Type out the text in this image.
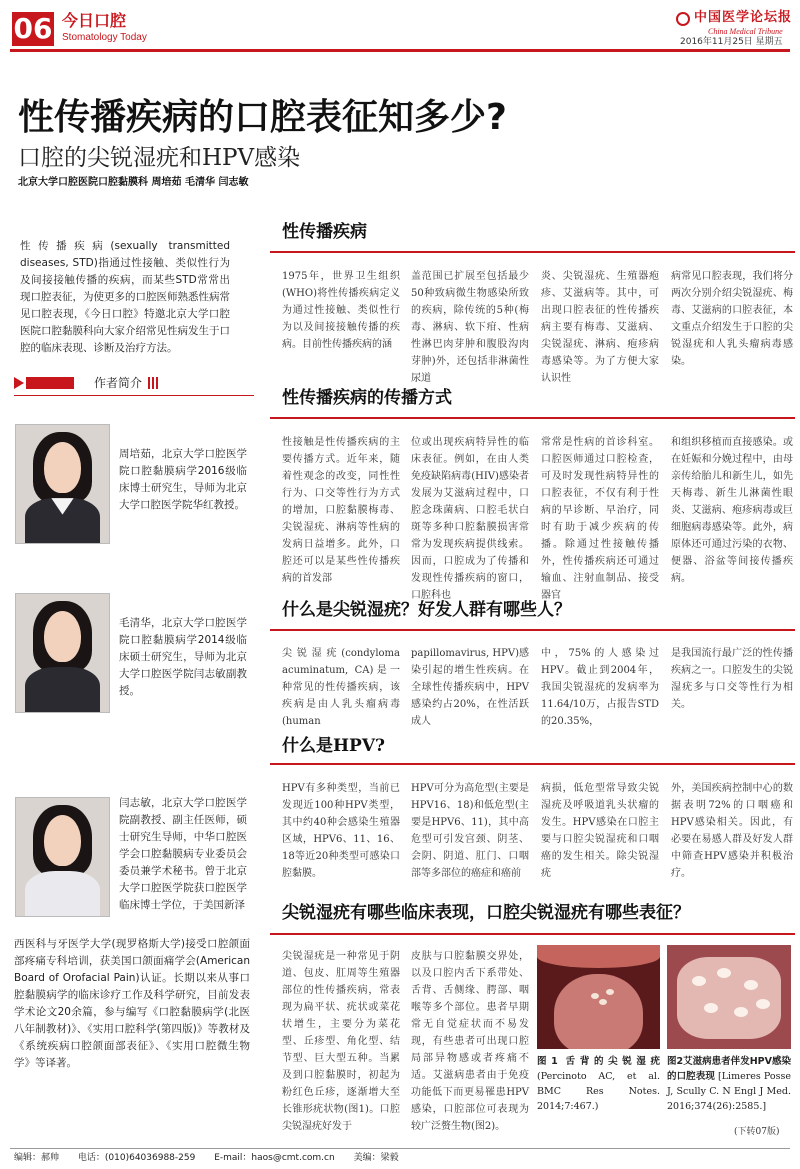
06 今日口腔
Stomatology Today
中国医学论坛报
China Medical Tribune
2016年11月25日 星期五
性传播疾病的口腔表征知多少?
口腔的尖锐湿疣和HPV感染
北京大学口腔医院口腔黏膜科 周培茹 毛清华 闫志敏
性传播疾病(sexually transmitted diseases, STD)指通过性接触、类似性行为及间接接触传播的疾病，而某些STD常常出现口腔表征，为使更多的口腔医师熟悉性病常见口腔表现，《今日口腔》特邀北京大学口腔医院口腔黏膜科向大家介绍常见性病发生于口腔的临床表现、诊断及治疗方法。
作者简介
周培茹，北京大学口腔医学院口腔黏膜病学2016级临床博士研究生，导师为北京大学口腔医学院华红教授。
毛清华，北京大学口腔医学院口腔黏膜病学2014级临床硕士研究生，导师为北京大学口腔医学院闫志敏副教授。
闫志敏，北京大学口腔医学院副教授、副主任医师，硕士研究生导师，中华口腔医学会口腔黏膜病专业委员会委员兼学术秘书。曾于北京大学口腔医学院获口腔医学临床博士学位，于美国新泽
西医科与牙医学大学(现罗格斯大学)接受口腔颌面部疼痛专科培训，获美国口颌面痛学会(American Board of Orofacial Pain)认证。长期以来从事口腔黏膜病学的临床诊疗工作及科学研究，目前发表学术论文20余篇，参与编写《口腔黏膜病学(北医八年制教材)》、《实用口腔科学(第四版)》等教材及《系统疾病口腔颌面部表征》、《实用口腔微生物学》等译著。
性传播疾病
1975年，世界卫生组织(WHO)将性传播疾病定义为通过性接触、类似性行为以及间接接触传播的疾病。目前性传播疾病的涵
盖范围已扩展至包括最少50种致病微生物感染所致的疾病，除传统的5种(梅毒、淋病、软下疳、性病性淋巴肉芽肿和腹股沟肉芽肿)外，还包括非淋菌性尿道
炎、尖锐湿疣、生殖器疱疹、艾滋病等。其中，可出现口腔表征的性传播疾病主要有梅毒、艾滋病、尖锐湿疣、淋病、疱疹病毒感染等。为了方便大家认识性
病常见口腔表现，我们将分两次分别介绍尖锐湿疣、梅毒、艾滋病的口腔表征，本文重点介绍发生于口腔的尖锐湿疣和人乳头瘤病毒感染。
性传播疾病的传播方式
性接触是性传播疾病的主要传播方式。近年来，随着性观念的改变，同性性行为、口交等性行为方式的增加，口腔黏膜梅毒、尖锐湿疣、淋病等性病的发病日益增多。此外，口腔还可以是某些性传播疾病的首发部
位或出现疾病特异性的临床表征。例如，在由人类免疫缺陷病毒(HIV)感染者发展为艾滋病过程中，口腔念珠菌病、口腔毛状白斑等多种口腔黏膜损害常常为发现疾病提供线索。因而，口腔成为了传播和发现性传播疾病的窗口，口腔科也
常常是性病的首诊科室。口腔医师通过口腔检查，可及时发现性病特异性的口腔表征，不仅有利于性病的早诊断、早治疗，同时有助于减少疾病的传播。除通过性接触传播外，性传播疾病还可通过输血、注射血制品、接受器官
和组织移植而直接感染。或在妊娠和分娩过程中，由母亲传给胎儿和新生儿，如先天梅毒、新生儿淋菌性眼炎、艾滋病、疱疹病毒或巨细胞病毒感染等。此外，病原体还可通过污染的衣物、便器、浴盆等间接传播疾病。
什么是尖锐湿疣？好发人群有哪些人？
尖锐湿疣(condyloma acuminatum, CA)是一种常见的性传播疾病，该疾病是由人乳头瘤病毒(human
papillomavirus, HPV)感染引起的增生性疾病。在全球性传播疾病中，HPV感染约占20%，在性活跃成人
中，75%的人感染过HPV。截止到2004年，我国尖锐湿疣的发病率为11.64/10万，占报告STD的20.35%，
是我国流行最广泛的性传播疾病之一。口腔发生的尖锐湿疣多与口交等性行为相关。
什么是HPV?
HPV有多种类型，当前已发现近100种HPV类型，其中约40种会感染生殖器区域，HPV6、11、16、18等近20种类型可感染口腔黏膜。
HPV可分为高危型(主要是HPV16、18)和低危型(主要是HPV6、11)，其中高危型可引发宫颈、阴茎、会阴、阴道、肛门、口咽部等多部位的癌症和癌前
病损，低危型常导致尖锐湿疣及呼吸道乳头状瘤的发生。HPV感染在口腔主要与口腔尖锐湿疣和口咽癌的发生相关。除尖锐湿疣
外，美国疾病控制中心的数据表明72%的口咽癌和HPV感染相关。因此，有必要在易感人群及好发人群中筛查HPV感染并积极治疗。
尖锐湿疣有哪些临床表现，口腔尖锐湿疣有哪些表征？
尖锐湿疣是一种常见于阴道、包皮、肛周等生殖器部位的性传播疾病，常表现为扁平状、疣状或菜花状增生，主要分为菜花型、丘疹型、角化型、结节型、巨大型五种。当累及到口腔黏膜时，初起为粉红色丘疹，逐渐增大至长锥形疣状物(图1)。口腔尖锐湿疣好发于
皮肤与口腔黏膜交界处，以及口腔内舌下系带处、舌背、舌侧缘、腭部、咽喉等多个部位。患者早期常无自觉症状而不易发现，有些患者可出现口腔局部异物感或者疼痛不适。艾滋病患者由于免疫功能低下而更易罹患HPV感染，口腔部位可表现为较广泛赘生物(图2)。
图1 舌背的尖锐湿疣 (Percinoto AC, et al. BMC Res Notes. 2014;7:467.)
图2艾滋病患者伴发HPV感染的口腔表现 [Limeres Posse J, Scully C. N Engl J Med. 2016;374(26):2585.]
(下转07版)
编辑：郝帅 电话：(010)64036988-259 E-mail：haos@cmt.com.cn 美编：梁毅
